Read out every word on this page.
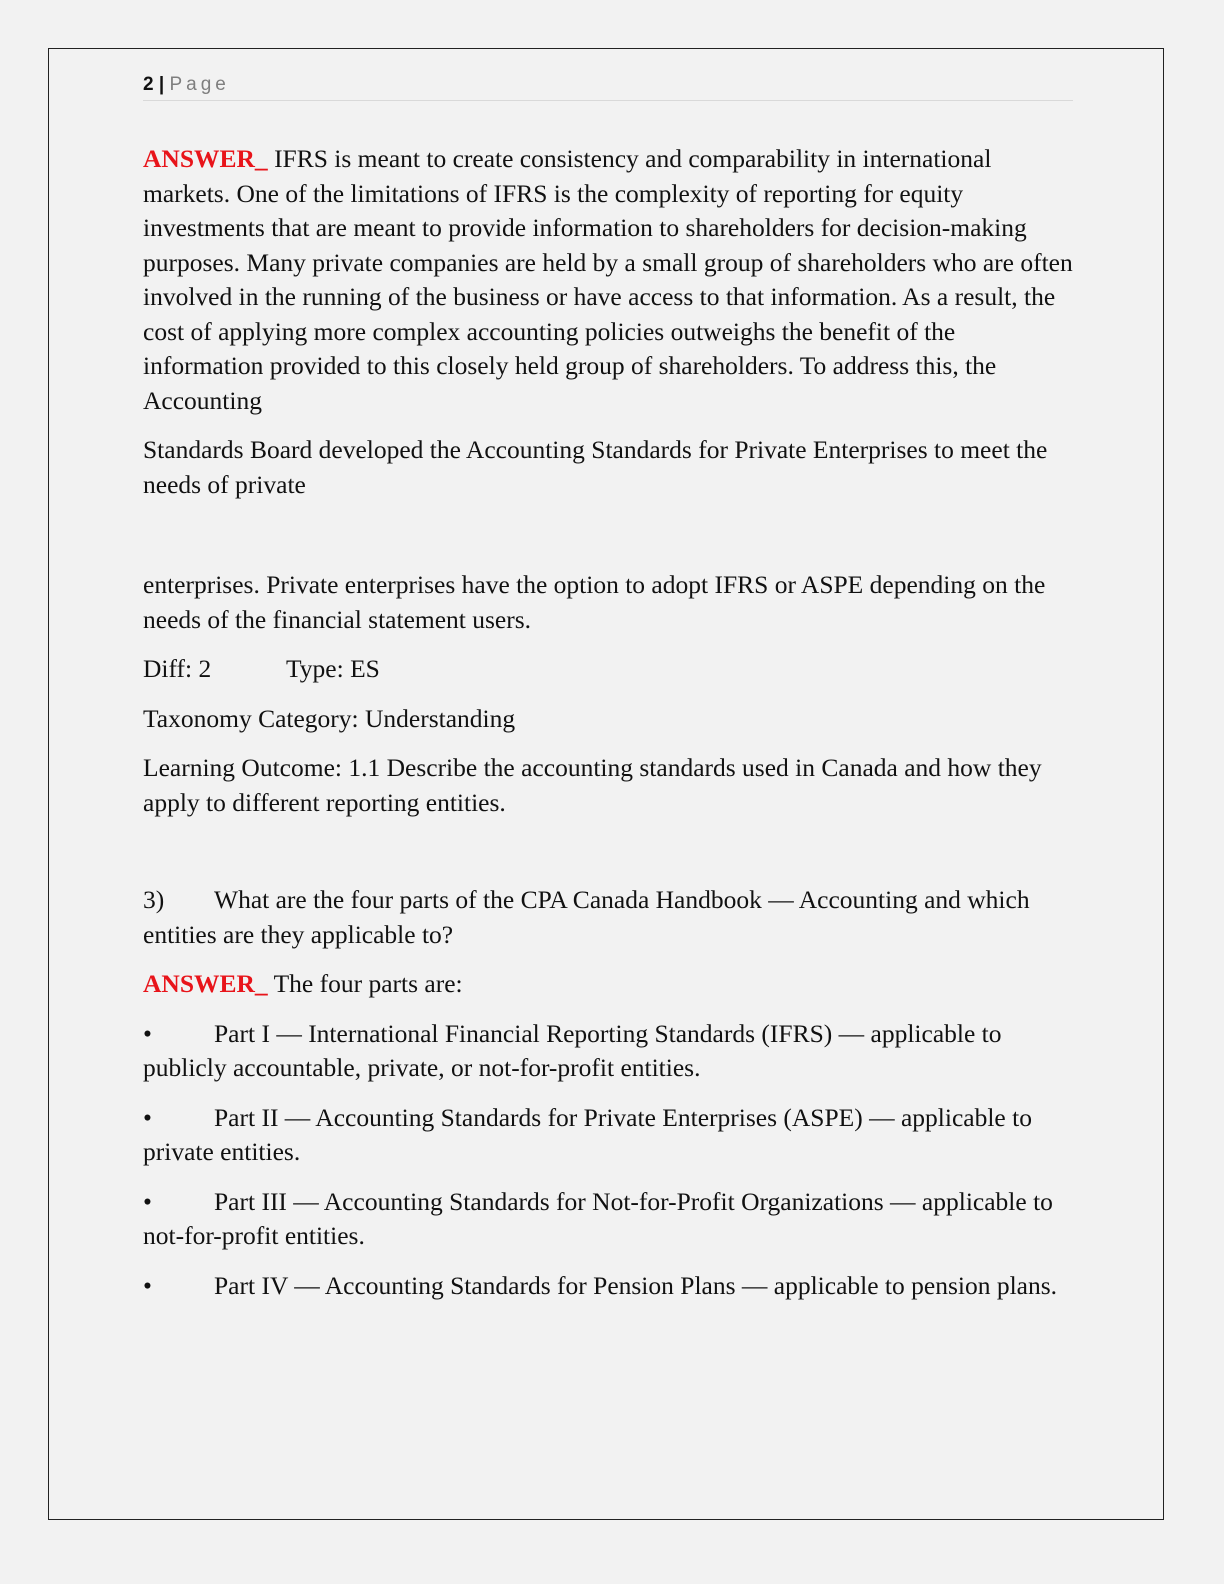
2 | Page

ANSWER_ IFRS is meant to create consistency and comparability in international markets. One of the limitations of IFRS is the complexity of reporting for equity investments that are meant to provide information to shareholders for decision-making purposes. Many private companies are held by a small group of shareholders who are often involved in the running of the business or have access to that information. As a result, the cost of applying more complex accounting policies outweighs the benefit of the information provided to this closely held group of shareholders. To address this, the Accounting

Standards Board developed the Accounting Standards for Private Enterprises to meet the needs of private

enterprises. Private enterprises have the option to adopt IFRS or ASPE depending on the needs of the financial statement users.

Diff: 2	Type: ES

Taxonomy Category: Understanding

Learning Outcome: 1.1 Describe the accounting standards used in Canada and how they apply to different reporting entities.

3) What are the four parts of the CPA Canada Handbook — Accounting and which entities are they applicable to?

ANSWER_ The four parts are:

• Part I — International Financial Reporting Standards (IFRS) — applicable to publicly accountable, private, or not-for-profit entities.

• Part II — Accounting Standards for Private Enterprises (ASPE) — applicable to private entities.

• Part III — Accounting Standards for Not-for-Profit Organizations — applicable to not-for-profit entities.

• Part IV — Accounting Standards for Pension Plans — applicable to pension plans.
